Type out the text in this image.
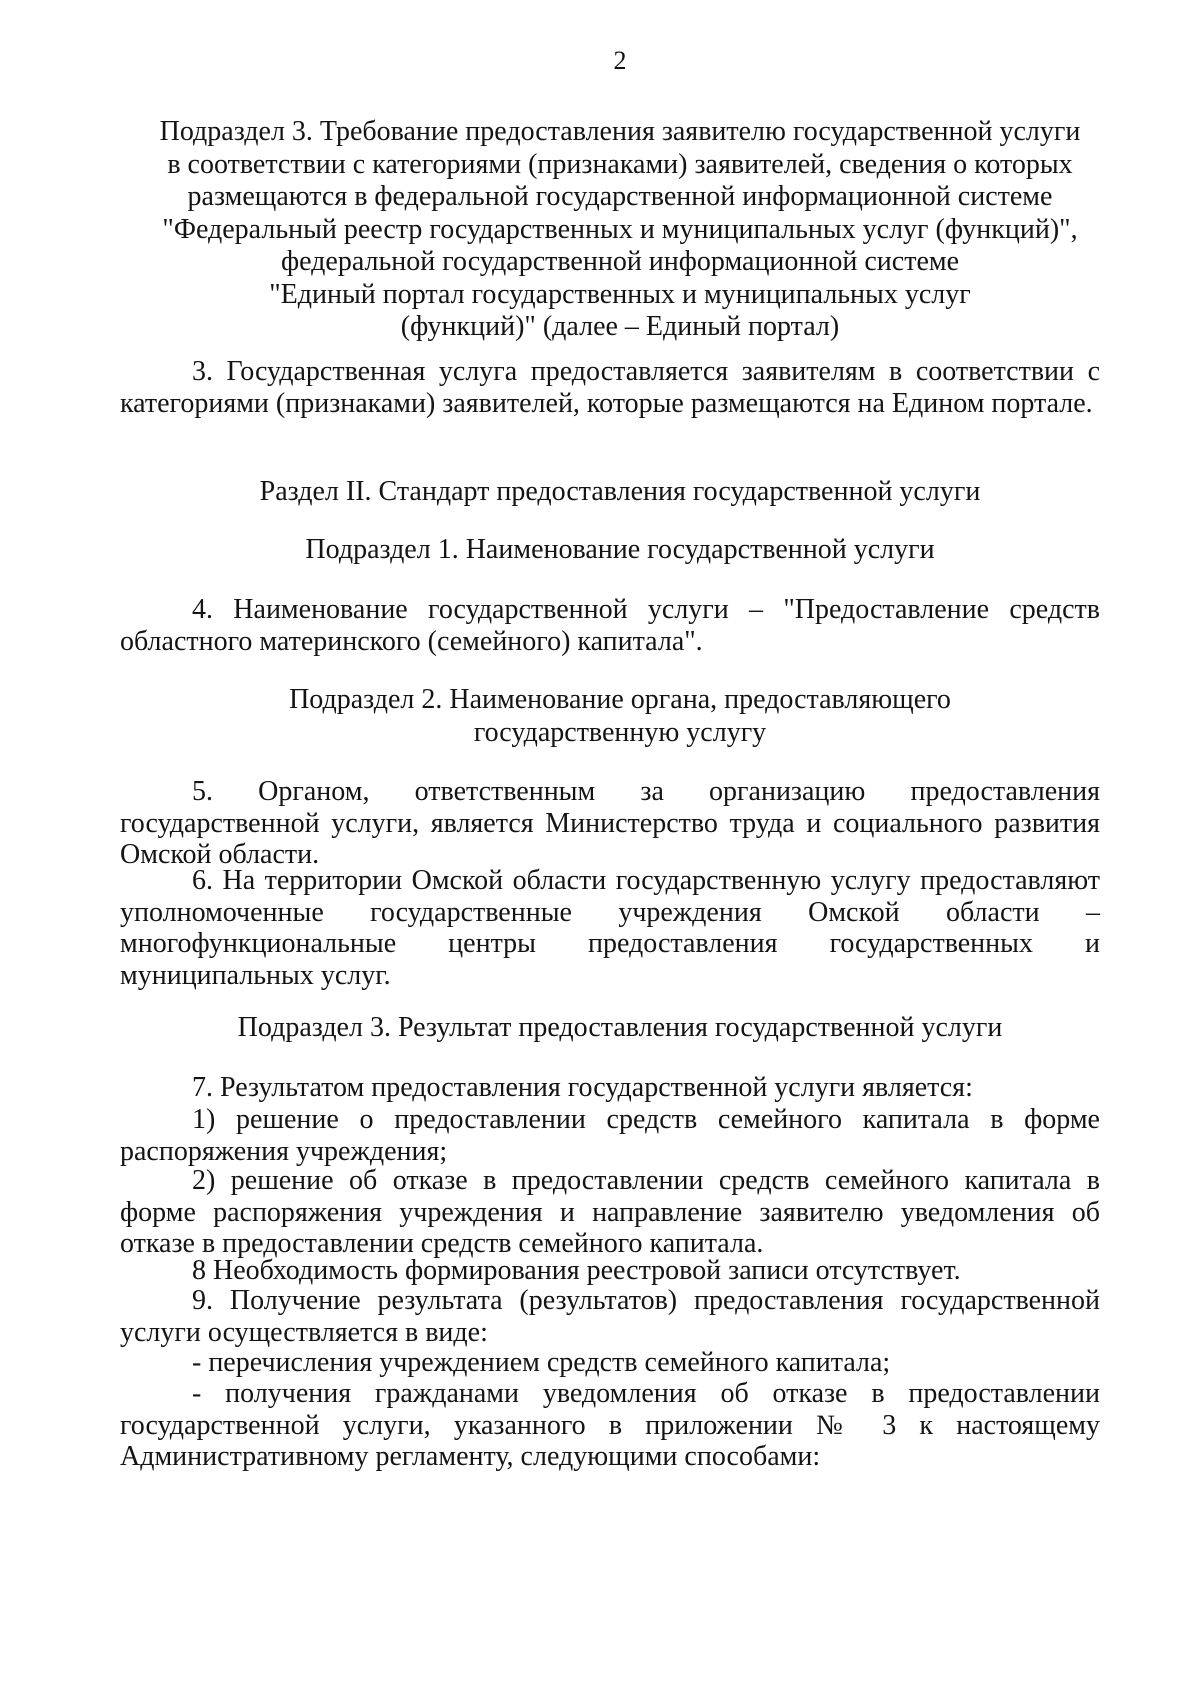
2
Подраздел 3. Требование предоставления заявителю государственной услуги
в соответствии с категориями (признаками) заявителей, сведения о которых
размещаются в федеральной государственной информационной системе
"Федеральный реестр государственных и муниципальных услуг (функций)",
федеральной государственной информационной системе
"Единый портал государственных и муниципальных услуг
(функций)" (далее – Единый портал)
3. Государственная услуга предоставляется заявителям в соответствии с категориями (признаками) заявителей, которые размещаются на Едином портале.
Раздел II. Стандарт предоставления государственной услуги
Подраздел 1. Наименование государственной услуги
4. Наименование государственной услуги – "Предоставление средств областного материнского (семейного) капитала".
Подраздел 2. Наименование органа, предоставляющего
государственную услугу
5. Органом, ответственным за организацию предоставления государственной услуги, является Министерство труда и социального развития Омской области.
6. На территории Омской области государственную услугу предоставляют уполномоченные государственные учреждения Омской области – многофункциональные центры предоставления государственных и муниципальных услуг.
Подраздел 3. Результат предоставления государственной услуги
7. Результатом предоставления государственной услуги является:
1) решение о предоставлении средств семейного капитала в форме распоряжения учреждения;
2) решение об отказе в предоставлении средств семейного капитала в форме распоряжения учреждения и направление заявителю уведомления об отказе в предоставлении средств семейного капитала.
8 Необходимость формирования реестровой записи отсутствует.
9. Получение результата (результатов) предоставления государственной услуги осуществляется в виде:
- перечисления учреждением средств семейного капитала;
- получения гражданами уведомления об отказе в предоставлении государственной услуги, указанного в приложении № 3 к настоящему Административному регламенту, следующими способами:
